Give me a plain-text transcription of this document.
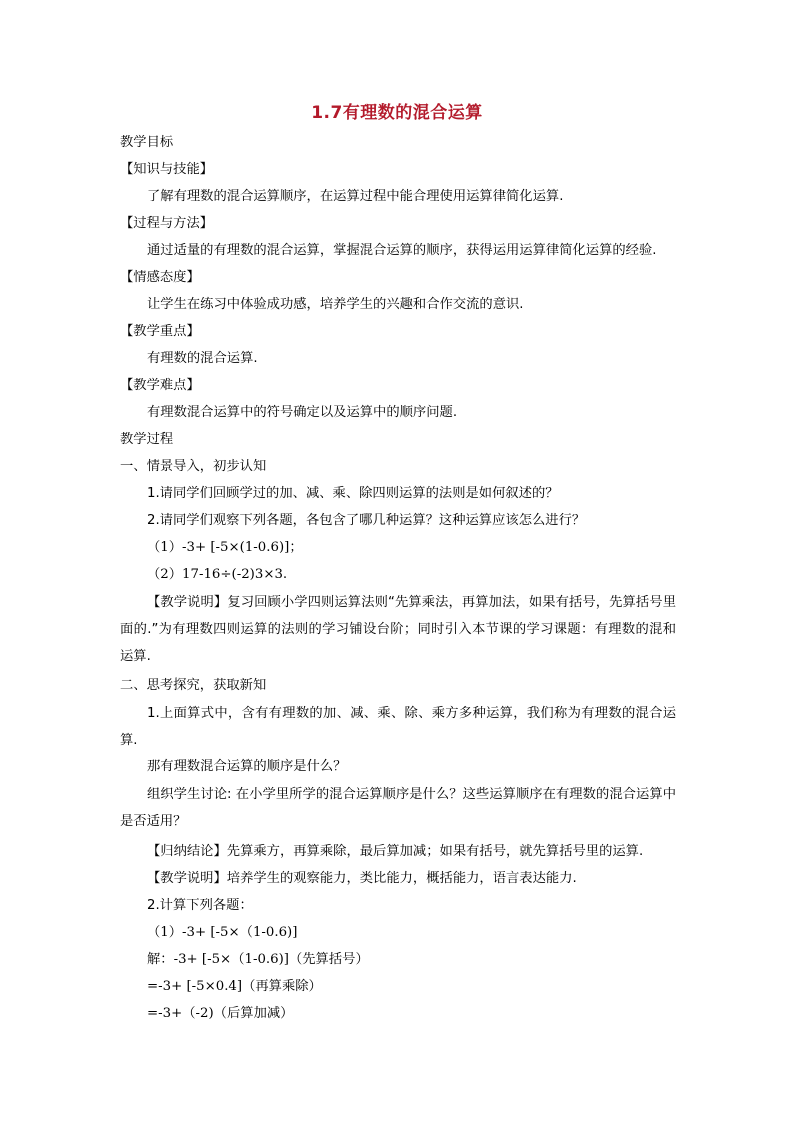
1.7有理数的混合运算
教学目标
【知识与技能】
了解有理数的混合运算顺序，在运算过程中能合理使用运算律简化运算.
【过程与方法】
通过适量的有理数的混合运算，掌握混合运算的顺序，获得运用运算律简化运算的经验.
【情感态度】
让学生在练习中体验成功感，培养学生的兴趣和合作交流的意识.
【教学重点】
有理数的混合运算.
【教学难点】
有理数混合运算中的符号确定以及运算中的顺序问题.
教学过程
一、情景导入，初步认知
1.请同学们回顾学过的加、减、乘、除四则运算的法则是如何叙述的？
2.请同学们观察下列各题，各包含了哪几种运算？这种运算应该怎么进行？
（1）-3+ [-5×(1-0.6)]；
（2）17-16÷(-2)3×3.
【教学说明】复习回顾小学四则运算法则“先算乘法，再算加法，如果有括号，先算括号里面的.”为有理数四则运算的法则的学习铺设台阶；同时引入本节课的学习课题：有理数的混和运算.
二、思考探究，获取新知
1.上面算式中，含有有理数的加、减、乘、除、乘方多种运算，我们称为有理数的混合运算.
那有理数混合运算的顺序是什么？
组织学生讨论: 在小学里所学的混合运算顺序是什么？这些运算顺序在有理数的混合运算中是否适用？
【归纳结论】先算乘方，再算乘除，最后算加减；如果有括号，就先算括号里的运算.
【教学说明】培养学生的观察能力，类比能力，概括能力，语言表达能力.
2.计算下列各题：
（1）-3+ [-5×（1-0.6)]
解：-3+ [-5×（1-0.6)]（先算括号）
=-3+ [-5×0.4]（再算乘除）
=-3+（-2)（后算加减）
